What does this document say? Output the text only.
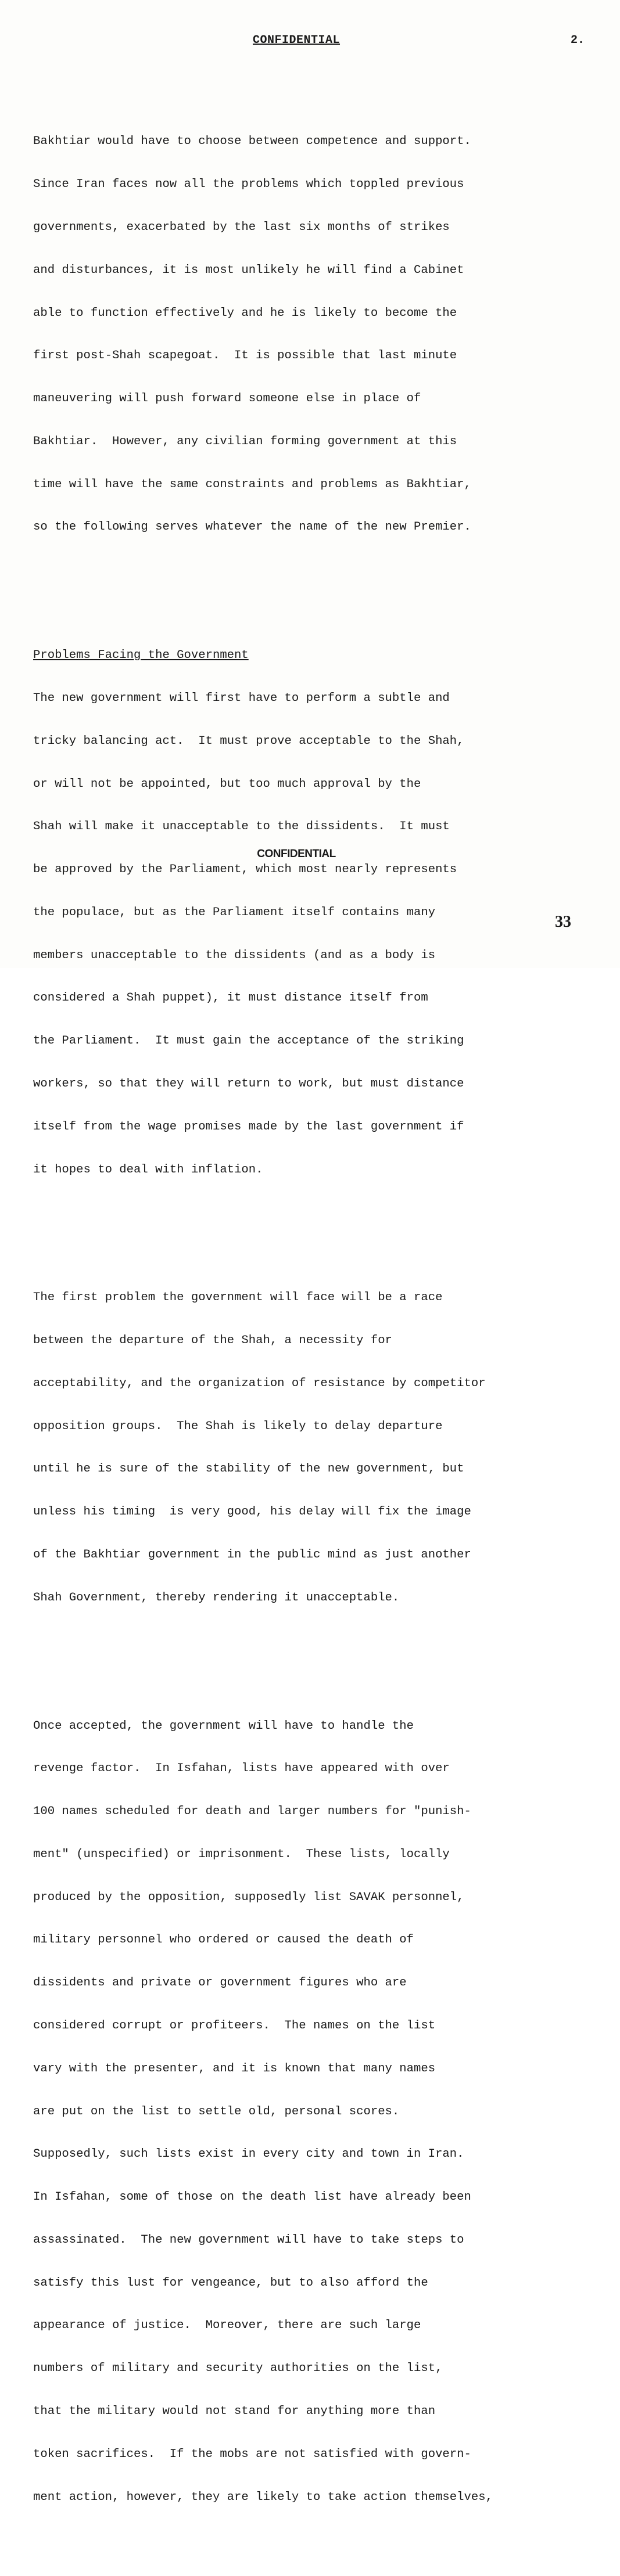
CONFIDENTIAL	2.

Bakhtiar would have to choose between competence and support.

Since Iran faces now all the problems which toppled previous

governments, exacerbated by the last six months of strikes

and disturbances, it is most unlikely he will find a Cabinet

able to function effectively and he is likely to become the

first post-Shah scapegoat.  It is possible that last minute

maneuvering will push forward someone else in place of

Bakhtiar.  However, any civilian forming government at this

time will have the same constraints and problems as Bakhtiar,

so the following serves whatever the name of the new Premier.

Problems Facing the Government

The new government will first have to perform a subtle and

tricky balancing act.  It must prove acceptable to the Shah,

or will not be appointed, but too much approval by the

Shah will make it unacceptable to the dissidents.  It must

be approved by the Parliament, which most nearly represents

the populace, but as the Parliament itself contains many

members unacceptable to the dissidents (and as a body is

considered a Shah puppet), it must distance itself from

the Parliament.  It must gain the acceptance of the striking

workers, so that they will return to work, but must distance

itself from the wage promises made by the last government if

it hopes to deal with inflation.

The first problem the government will face will be a race

between the departure of the Shah, a necessity for

acceptability, and the organization of resistance by competitor

opposition groups.  The Shah is likely to delay departure

until he is sure of the stability of the new government, but

unless his timing  is very good, his delay will fix the image

of the Bakhtiar government in the public mind as just another

Shah Government, thereby rendering it unacceptable.

Once accepted, the government will have to handle the

revenge factor.  In Isfahan, lists have appeared with over

100 names scheduled for death and larger numbers for "punish-

ment" (unspecified) or imprisonment.  These lists, locally

produced by the opposition, supposedly list SAVAK personnel,

military personnel who ordered or caused the death of

dissidents and private or government figures who are

considered corrupt or profiteers.  The names on the list

vary with the presenter, and it is known that many names

are put on the list to settle old, personal scores.

Supposedly, such lists exist in every city and town in Iran.

In Isfahan, some of those on the death list have already been

assassinated.  The new government will have to take steps to

satisfy this lust for vengeance, but to also afford the

appearance of justice.  Moreover, there are such large

numbers of military and security authorities on the list,

that the military would not stand for anything more than

token sacrifices.  If the mobs are not satisfied with govern-

ment action, however, they are likely to take action themselves,

CONFIDENTIAL
33
